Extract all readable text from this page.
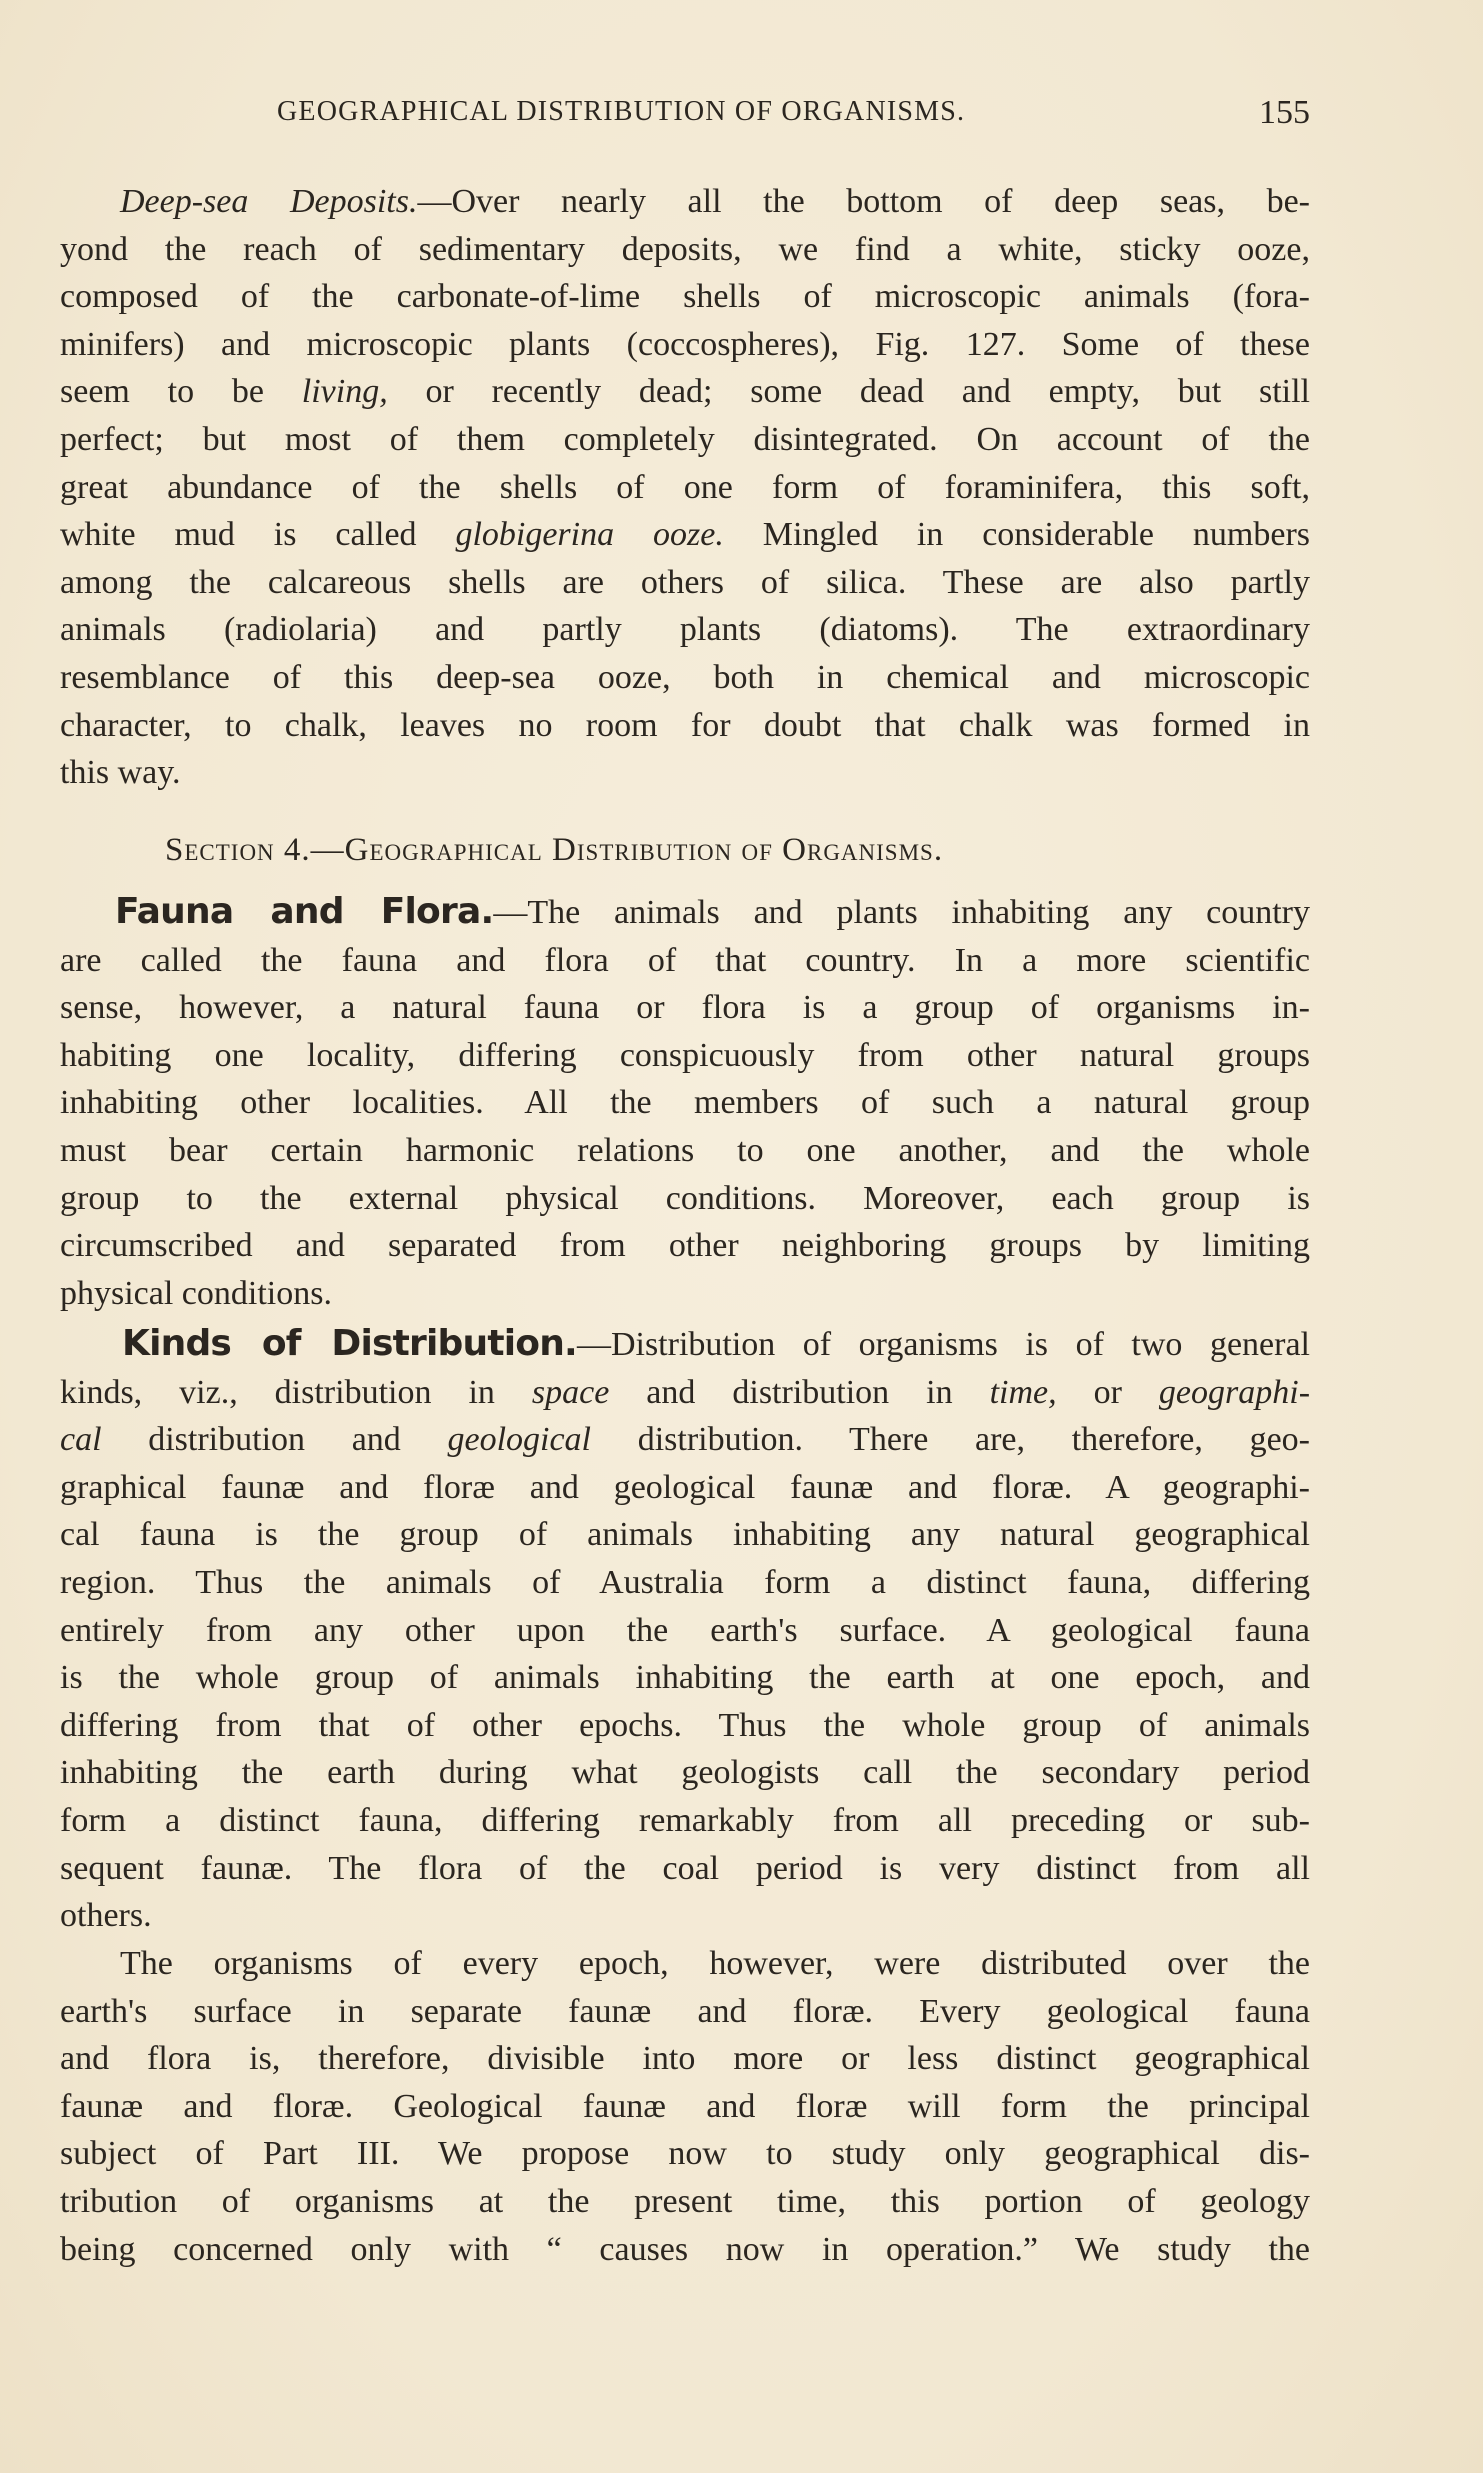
GEOGRAPHICAL DISTRIBUTION OF ORGANISMS.	155
Deep-sea Deposits.—Over nearly all the bottom of deep seas, be-
yond the reach of sedimentary deposits, we find a white, sticky ooze,
composed of the carbonate-of-lime shells of microscopic animals (fora-
minifers) and microscopic plants (coccospheres), Fig. 127. Some of these
seem to be living, or recently dead; some dead and empty, but still
perfect; but most of them completely disintegrated. On account of the
great abundance of the shells of one form of foraminifera, this soft,
white mud is called globigerina ooze. Mingled in considerable numbers
among the calcareous shells are others of silica. These are also partly
animals (radiolaria) and partly plants (diatoms). The extraordinary
resemblance of this deep-sea ooze, both in chemical and microscopic
character, to chalk, leaves no room for doubt that chalk was formed in
this way.
Section 4.—Geographical Distribution of Organisms.
Fauna and Flora.—The animals and plants inhabiting any country
are called the fauna and flora of that country. In a more scientific
sense, however, a natural fauna or flora is a group of organisms in-
habiting one locality, differing conspicuously from other natural groups
inhabiting other localities. All the members of such a natural group
must bear certain harmonic relations to one another, and the whole
group to the external physical conditions. Moreover, each group is
circumscribed and separated from other neighboring groups by limiting
physical conditions.
Kinds of Distribution.—Distribution of organisms is of two general
kinds, viz., distribution in space and distribution in time, or geographi-
cal distribution and geological distribution. There are, therefore, geo-
graphical faunæ and floræ and geological faunæ and floræ. A geographi-
cal fauna is the group of animals inhabiting any natural geographical
region. Thus the animals of Australia form a distinct fauna, differing
entirely from any other upon the earth's surface. A geological fauna
is the whole group of animals inhabiting the earth at one epoch, and
differing from that of other epochs. Thus the whole group of animals
inhabiting the earth during what geologists call the secondary period
form a distinct fauna, differing remarkably from all preceding or sub-
sequent faunæ. The flora of the coal period is very distinct from all
others.
The organisms of every epoch, however, were distributed over the
earth's surface in separate faunæ and floræ. Every geological fauna
and flora is, therefore, divisible into more or less distinct geographical
faunæ and floræ. Geological faunæ and floræ will form the principal
subject of Part III. We propose now to study only geographical dis-
tribution of organisms at the present time, this portion of geology
being concerned only with “ causes now in operation.” We study the
